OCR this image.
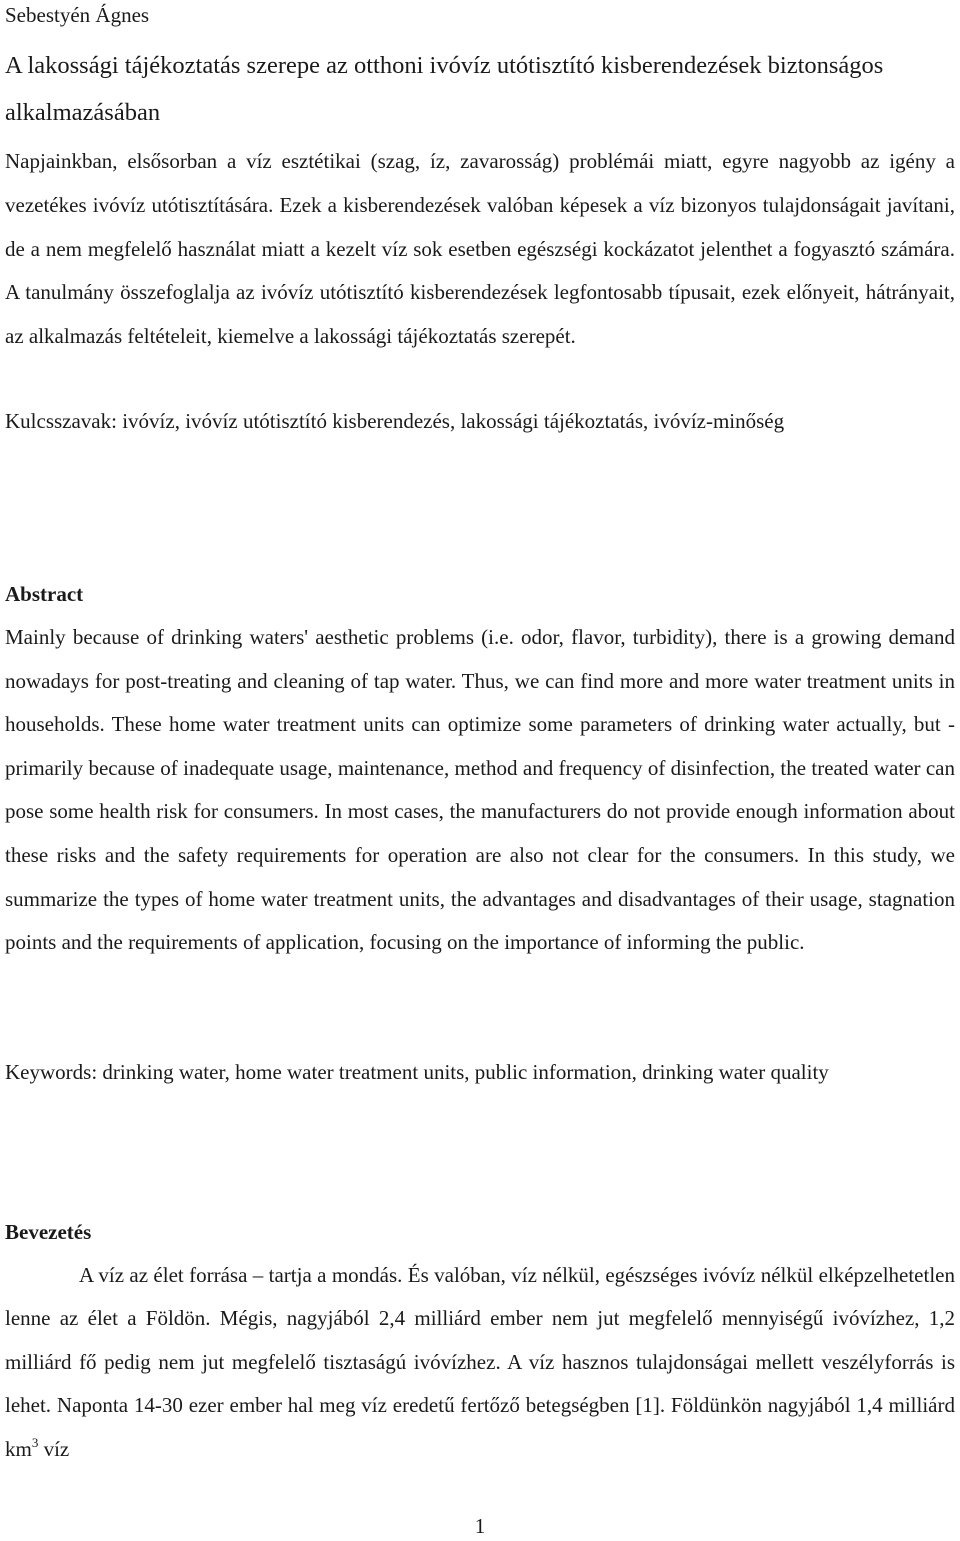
Sebestyén Ágnes
A lakossági tájékoztatás szerepe az otthoni ivóvíz utótisztító kisberendezések biztonságos alkalmazásában

Napjainkban, elsősorban a víz esztétikai (szag, íz, zavarosság) problémái miatt, egyre nagyobb az igény a vezetékes ivóvíz utótisztítására. Ezek a kisberendezések valóban képesek a víz bizonyos tulajdonságait javítani, de a nem megfelelő használat miatt a kezelt víz sok esetben egészségi kockázatot jelenthet a fogyasztó számára. A tanulmány összefoglalja az ivóvíz utótisztító kisberendezések legfontosabb típusait, ezek előnyeit, hátrányait, az alkalmazás feltételeit, kiemelve a lakossági tájékoztatás szerepét.

Kulcsszavak: ivóvíz, ivóvíz utótisztító kisberendezés, lakossági tájékoztatás, ivóvíz-minőség

Abstract

Mainly because of drinking waters' aesthetic problems (i.e. odor, flavor, turbidity), there is a growing demand nowadays for post-treating and cleaning of tap water. Thus, we can find more and more water treatment units in households. These home water treatment units can optimize some parameters of drinking water actually, but - primarily because of inadequate usage, maintenance, method and frequency of disinfection, the treated water can pose some health risk for consumers. In most cases, the manufacturers do not provide enough information about these risks and the safety requirements for operation are also not clear for the consumers. In this study, we summarize the types of home water treatment units, the advantages and disadvantages of their usage, stagnation points and the requirements of application, focusing on the importance of informing the public.

Keywords: drinking water, home water treatment units, public information, drinking water quality

Bevezetés

A víz az élet forrása – tartja a mondás. És valóban, víz nélkül, egészséges ivóvíz nélkül elképzelhetetlen lenne az élet a Földön. Mégis, nagyjából 2,4 milliárd ember nem jut megfelelő mennyiségű ivóvízhez, 1,2 milliárd fő pedig nem jut megfelelő tisztaságú ivóvízhez. A víz hasznos tulajdonságai mellett veszélyforrás is lehet. Naponta 14-30 ezer ember hal meg víz eredetű fertőző betegségben [1]. Földünkön nagyjából 1,4 milliárd $km^3$ víz

1
